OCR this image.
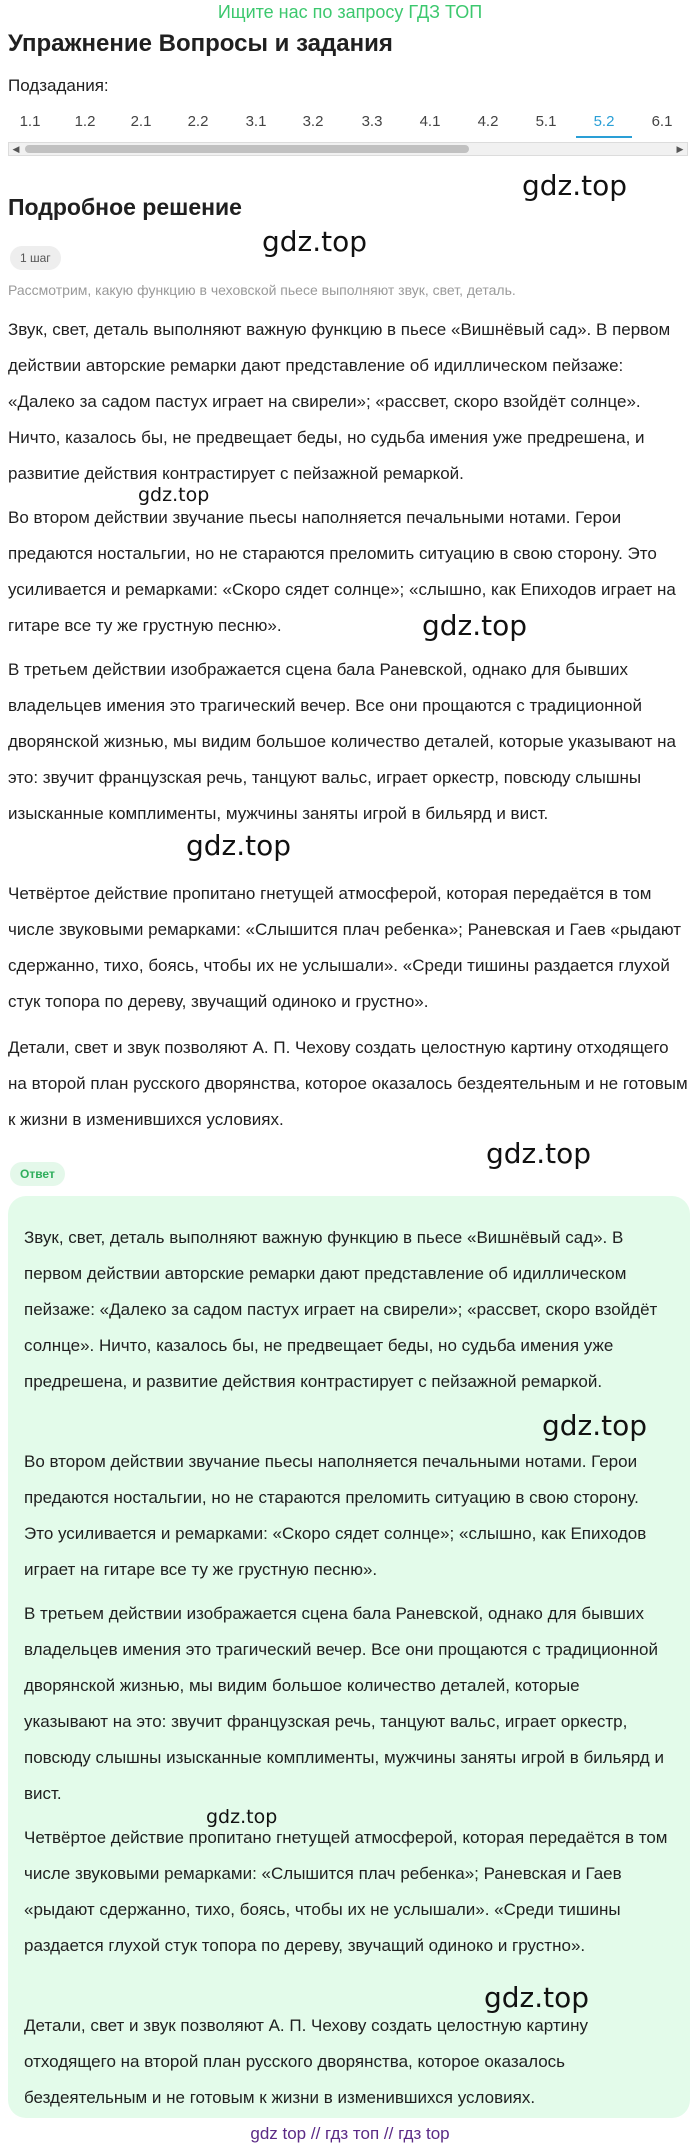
Ищите нас по запросу ГДЗ ТОП
Упражнение Вопросы и задания
Подзадания:
1.1	1.2	2.1	2.2	3.1	3.2	3.3	4.1	4.2	5.1	5.2	6.1
◀	▶
Подробное решение
1 шаг
Рассмотрим, какую функцию в чеховской пьесе выполняют звук, свет, деталь.

Звук, свет, деталь выполняют важную функцию в пьесе «Вишнёвый сад». В первом действии авторские ремарки дают представление об идиллическом пейзаже: «Далеко за садом пастух играет на свирели»; «рассвет, скоро взойдёт солнце». Ничто, казалось бы, не предвещает беды, но судьба имения уже предрешена, и развитие действия контрастирует с пейзажной ремаркой.

Во втором действии звучание пьесы наполняется печальными нотами. Герои предаются ностальгии, но не стараются преломить ситуацию в свою сторону. Это усиливается и ремарками: «Скоро сядет солнце»; «слышно, как Епиходов играет на гитаре все ту же грустную песню».

В третьем действии изображается сцена бала Раневской, однако для бывших владельцев имения это трагический вечер. Все они прощаются с традиционной дворянской жизнью, мы видим большое количество деталей, которые указывают на это: звучит французская речь, танцуют вальс, играет оркестр, повсюду слышны изысканные комплименты, мужчины заняты игрой в бильярд и вист.

Четвёртое действие пропитано гнетущей атмосферой, которая передаётся в том числе звуковыми ремарками: «Слышится плач ребенка»; Раневская и Гаев «рыдают сдержанно, тихо, боясь, чтобы их не услышали». «Среди тишины раздается глухой стук топора по дереву, звучащий одиноко и грустно».

Детали, свет и звук позволяют А. П. Чехову создать целостную картину отходящего на второй план русского дворянства, которое оказалось бездеятельным и не готовым к жизни в изменившихся условиях.

Ответ

Звук, свет, деталь выполняют важную функцию в пьесе «Вишнёвый сад». В первом действии авторские ремарки дают представление об идиллическом пейзаже: «Далеко за садом пастух играет на свирели»; «рассвет, скоро взойдёт солнце». Ничто, казалось бы, не предвещает беды, но судьба имения уже предрешена, и развитие действия контрастирует с пейзажной ремаркой.

Во втором действии звучание пьесы наполняется печальными нотами. Герои предаются ностальгии, но не стараются преломить ситуацию в свою сторону. Это усиливается и ремарками: «Скоро сядет солнце»; «слышно, как Епиходов играет на гитаре все ту же грустную песню».

В третьем действии изображается сцена бала Раневской, однако для бывших владельцев имения это трагический вечер. Все они прощаются с традиционной дворянской жизнью, мы видим большое количество деталей, которые указывают на это: звучит французская речь, танцуют вальс, играет оркестр, повсюду слышны изысканные комплименты, мужчины заняты игрой в бильярд и вист.

Четвёртое действие пропитано гнетущей атмосферой, которая передаётся в том числе звуковыми ремарками: «Слышится плач ребенка»; Раневская и Гаев «рыдают сдержанно, тихо, боясь, чтобы их не услышали». «Среди тишины раздается глухой стук топора по дереву, звучащий одиноко и грустно».

Детали, свет и звук позволяют А. П. Чехову создать целостную картину отходящего на второй план русского дворянства, которое оказалось бездеятельным и не готовым к жизни в изменившихся условиях.

gdz.top
gdz.top
gdz.top
gdz.top
gdz.top
gdz.top
gdz.top
gdz.top
gdz.top
gdz top // гдз топ // гдз top
